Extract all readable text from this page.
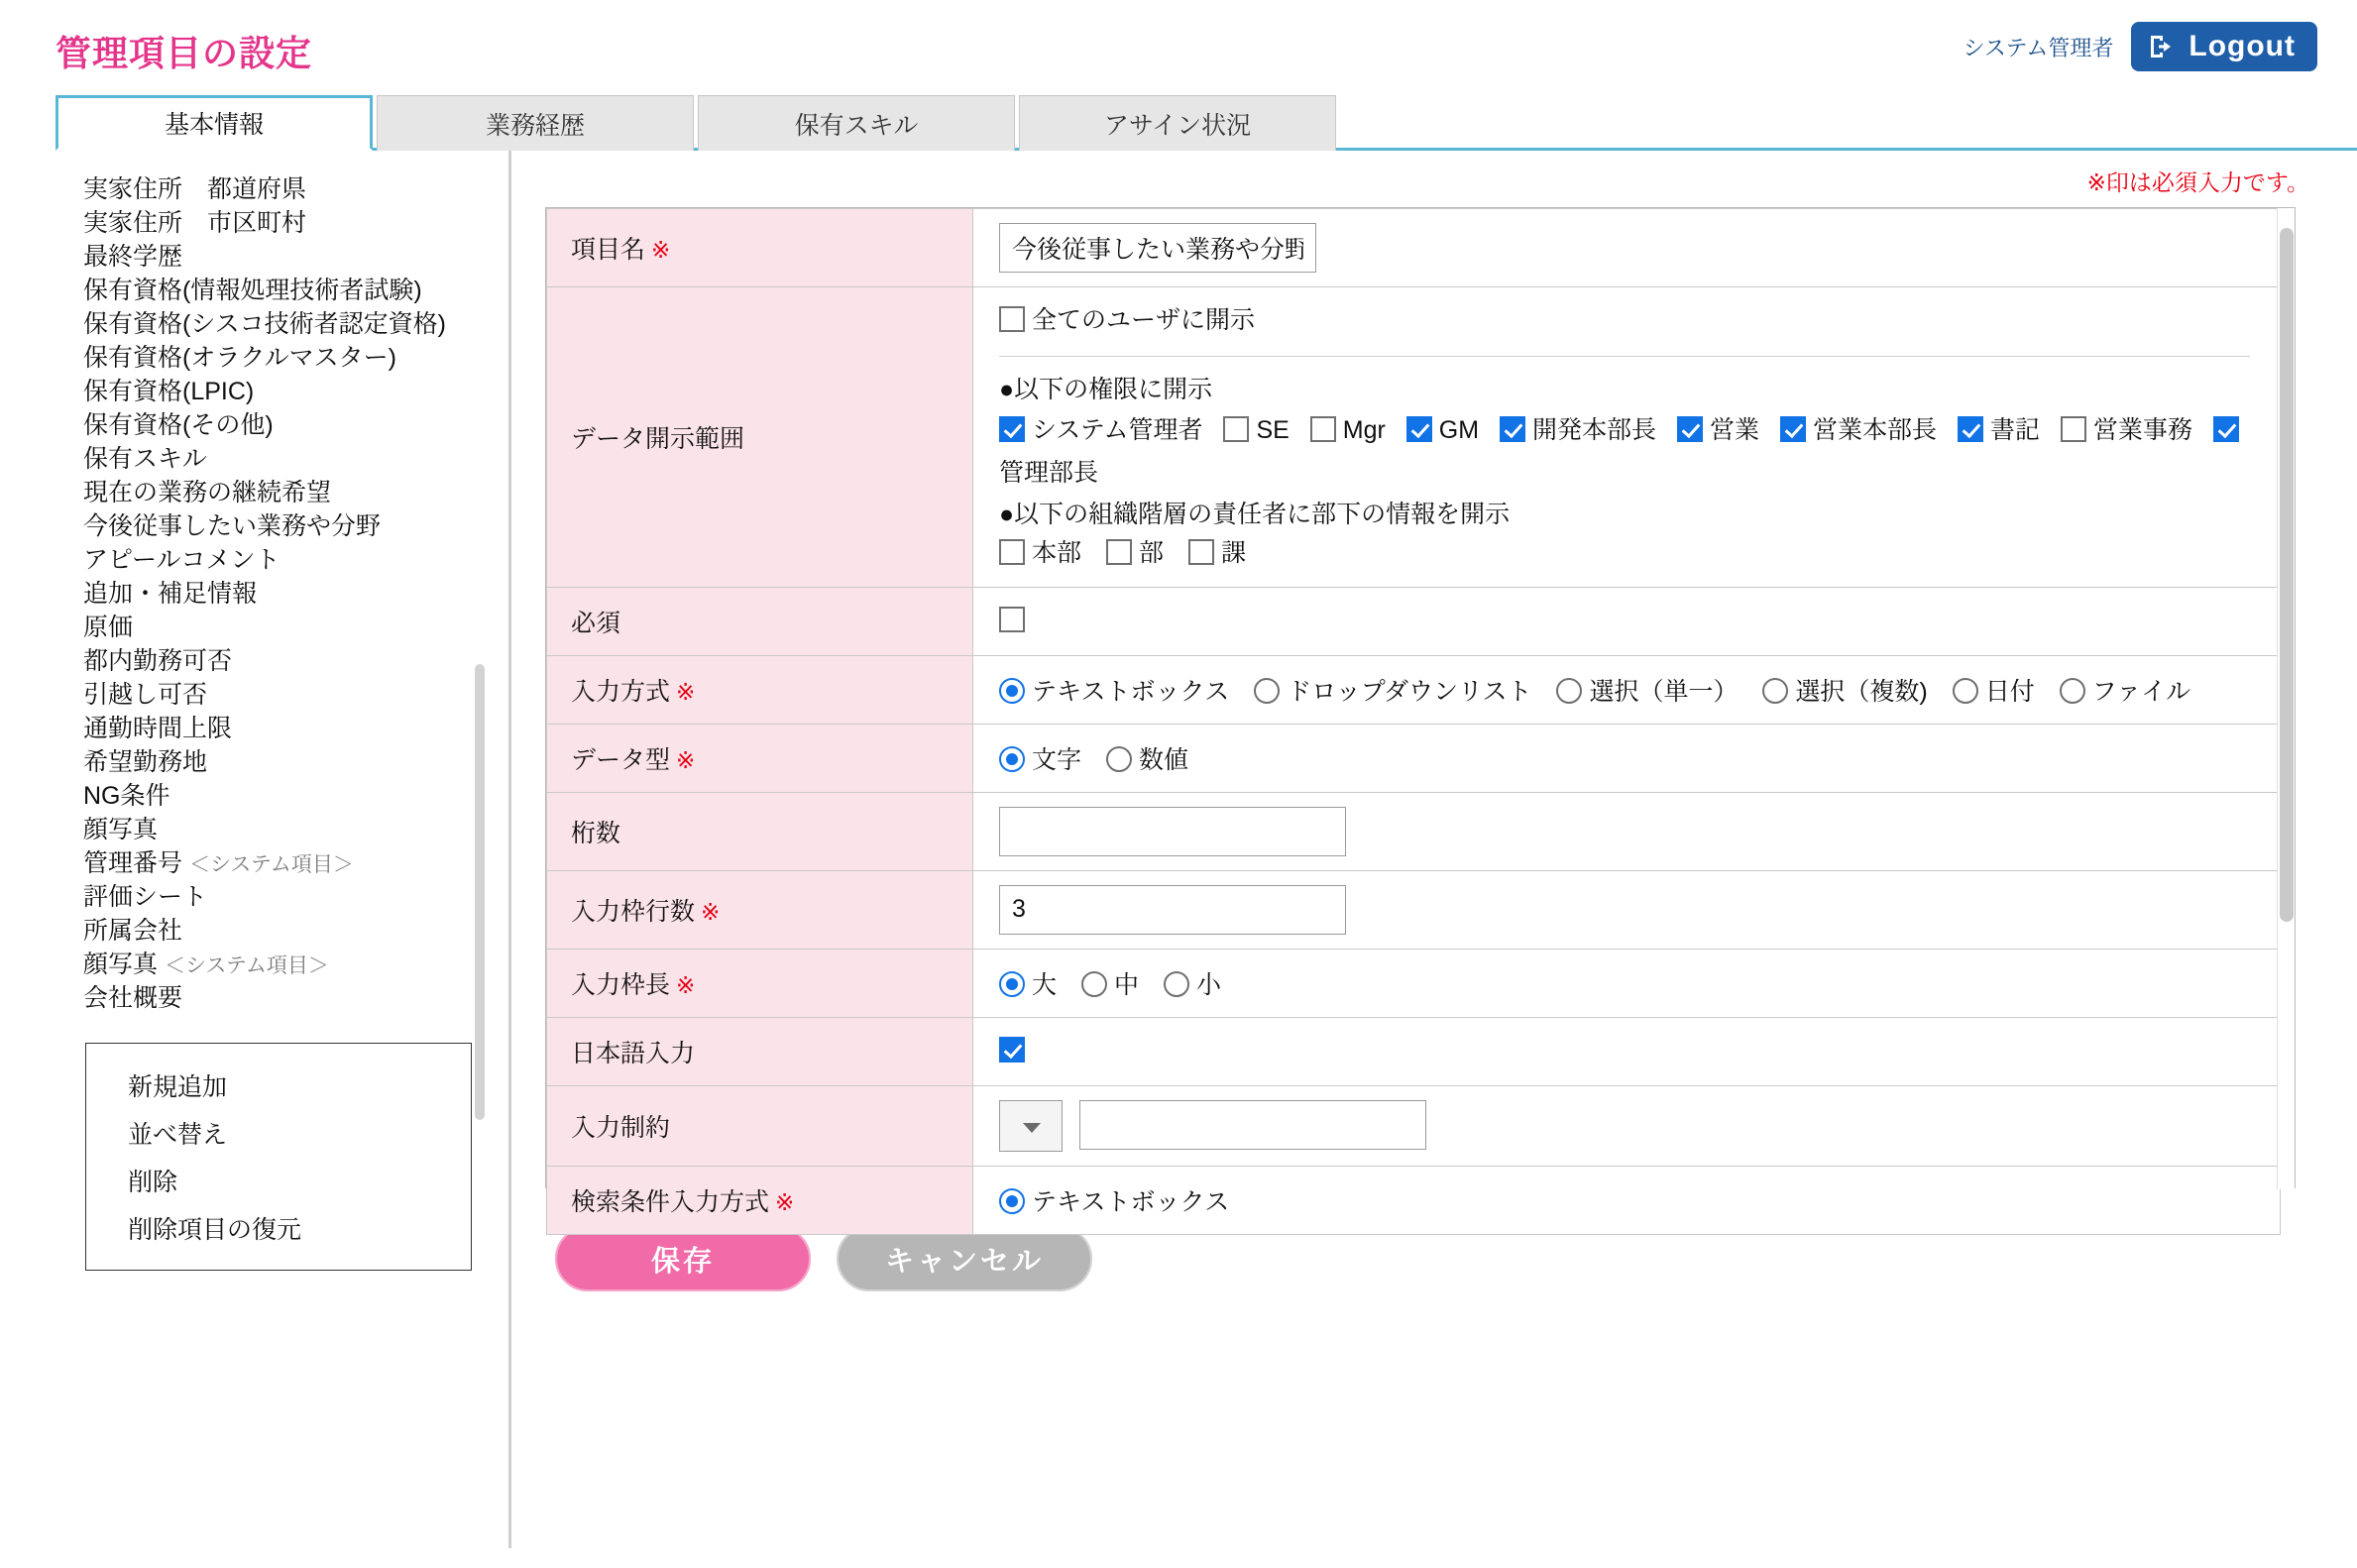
管理項目の設定	システム管理者	Logout
基本情報	業務経歴	保有スキル	アサイン状況
実家住所　都道府県
実家住所　市区町村
最終学歴
保有資格(情報処理技術者試験)
保有資格(シスコ技術者認定資格)
保有資格(オラクルマスター)
保有資格(LPIC)
保有資格(その他)
保有スキル
現在の業務の継続希望
今後従事したい業務や分野
アピールコメント
追加・補足情報
原価
都内勤務可否
引越し可否
通勤時間上限
希望勤務地
NG条件
顔写真
管理番号 ＜システム項目＞
評価シート
所属会社
顔写真 ＜システム項目＞
会社概要
新規追加
並べ替え
削除
削除項目の復元
※印は必須入力です。
項目名 ※	今後従事したい業務や分野
データ開示範囲	全てのユーザに開示
●以下の権限に開示
システム管理者 SE Mgr GM 開発本部長 営業 営業本部長 書記 営業事務 管理部長
●以下の組織階層の責任者に部下の情報を開示
本部 部 課

必須	
入力方式 ※	テキストボックス ドロップダウンリスト 選択（単一） 選択（複数) 日付 ファイル
データ型 ※	文字 数値
桁数	
入力枠行数 ※	3
入力枠長 ※	大 中 小
日本語入力	
入力制約	
検索条件入力方式 ※	テキストボックス
保存	キャンセル
